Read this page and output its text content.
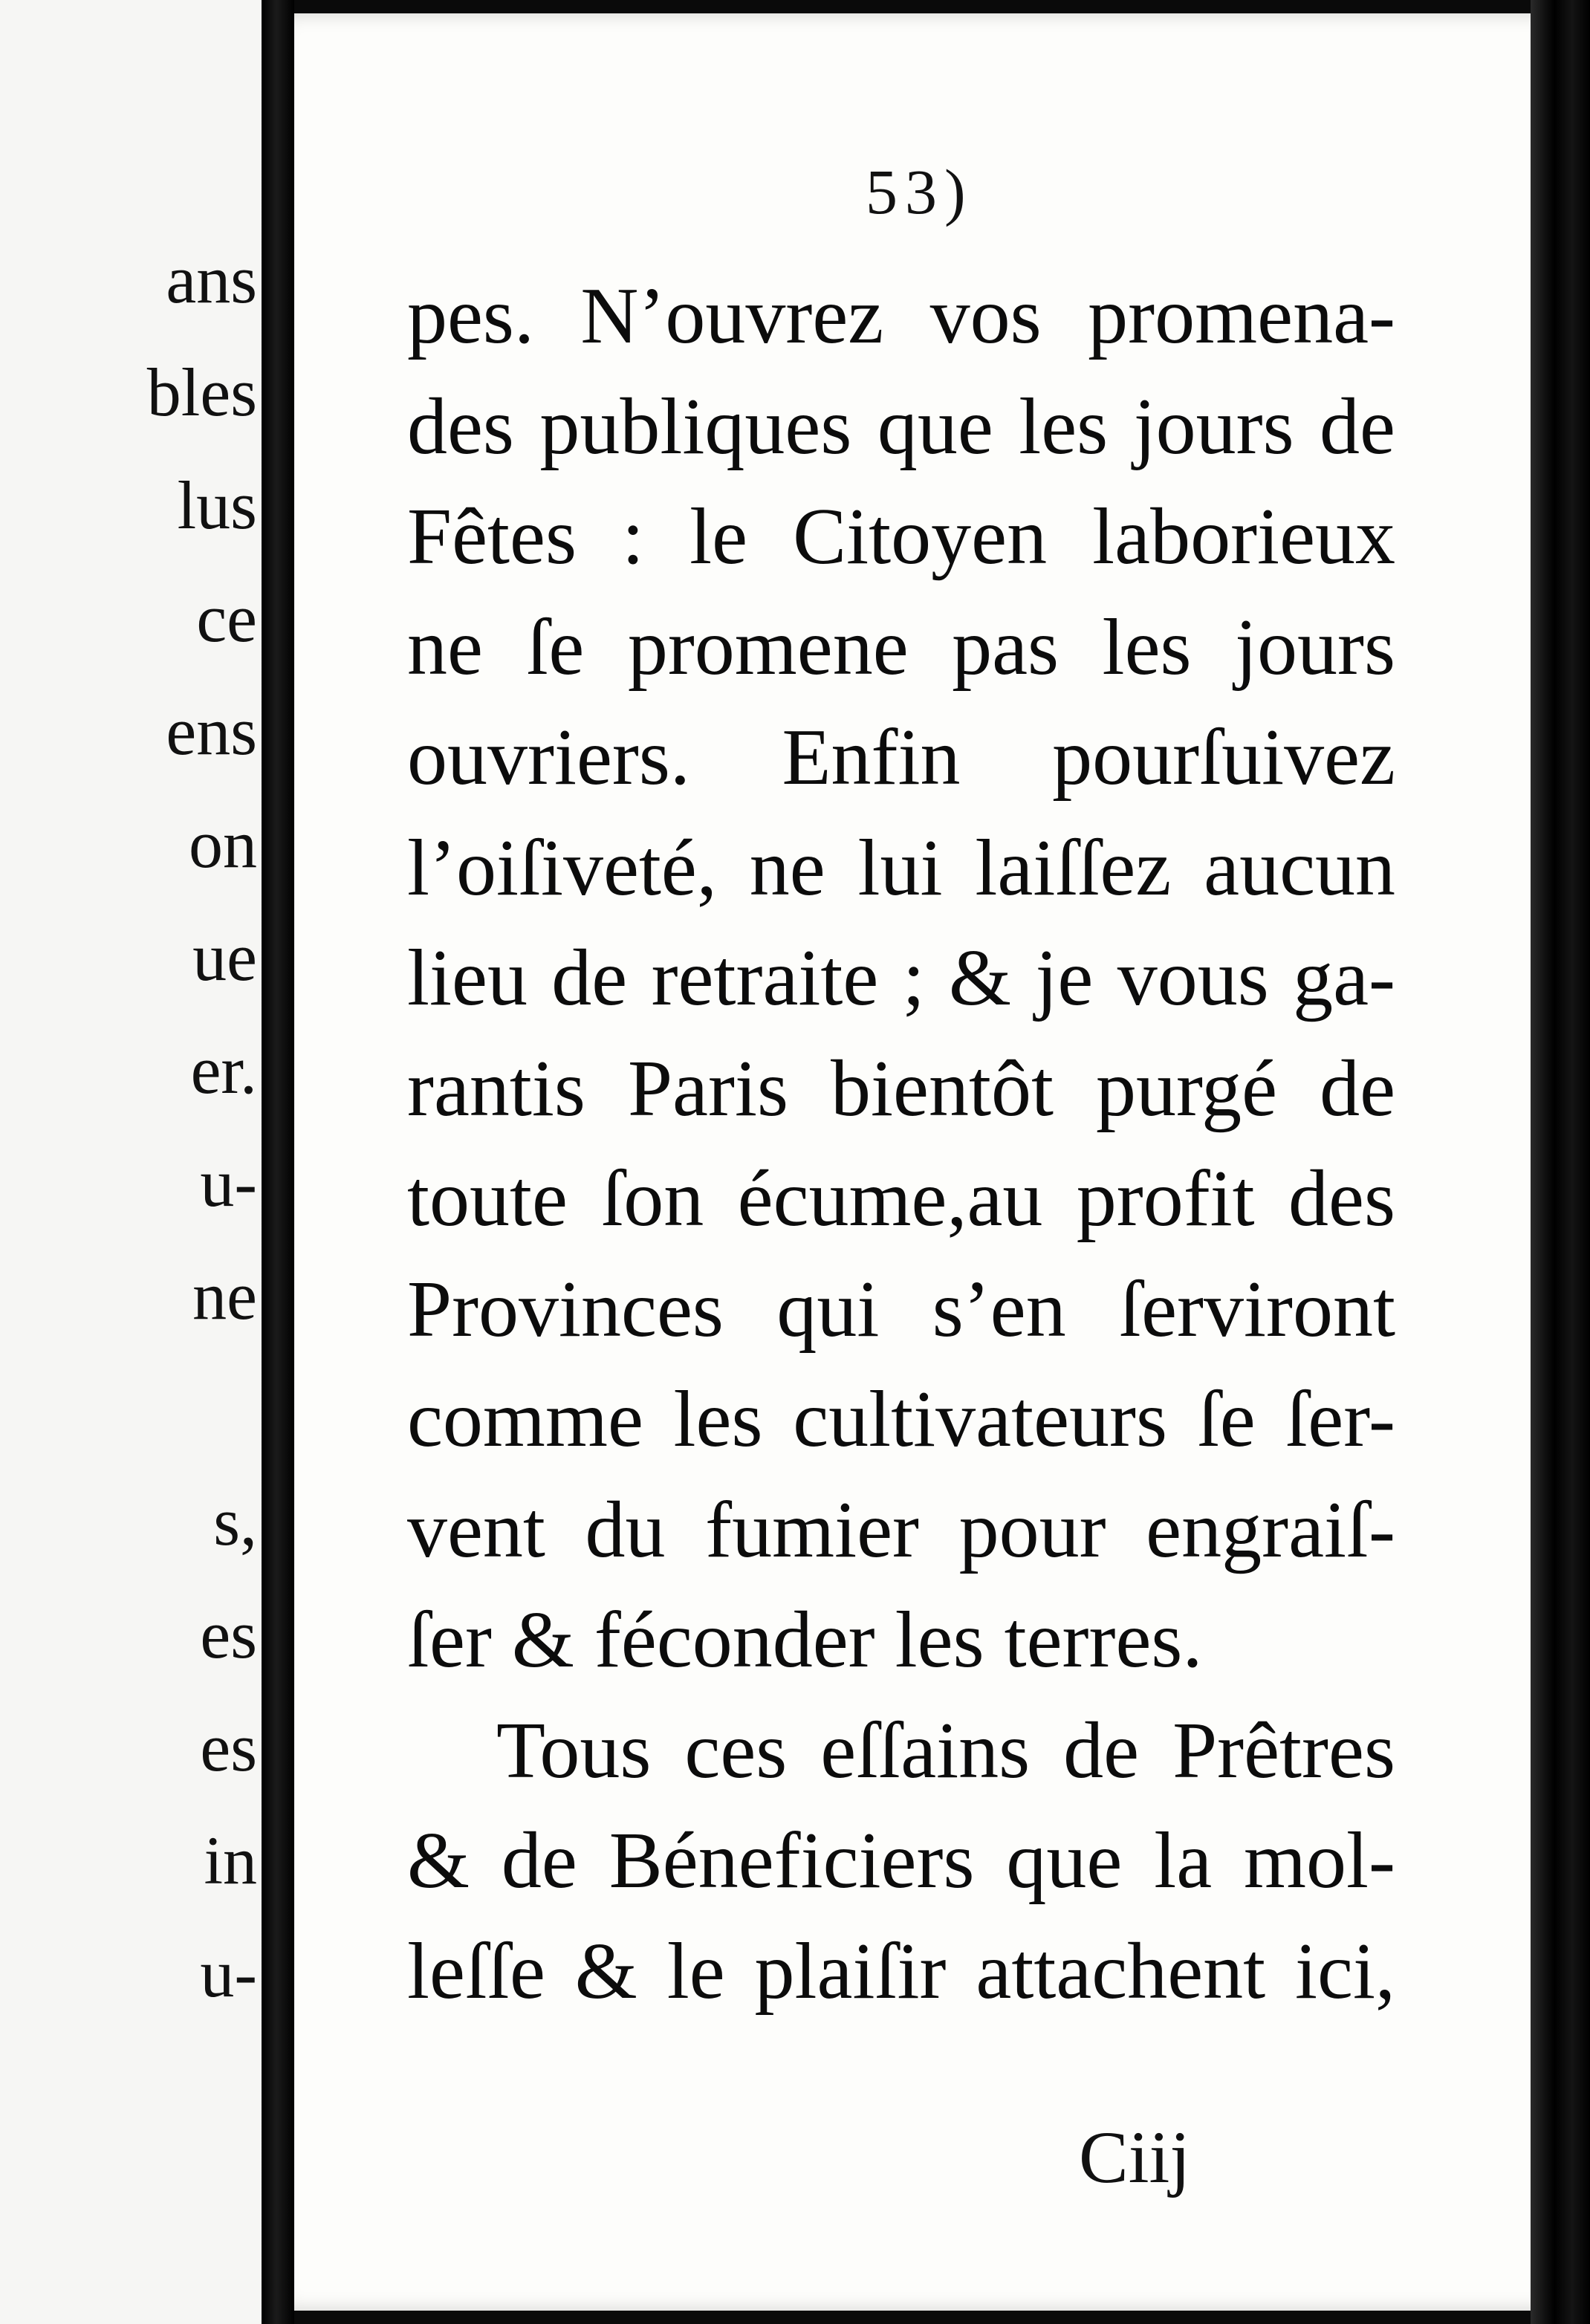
ans
bles
lus
ce
ens
on
ue
er.
u-
ne
s,
es
es
in
u-
53)
pes. N’ouvrez vos promena-
des publiques que les jours de
Fêtes : le Citoyen laborieux
ne ſe promene pas les jours
ouvriers. Enfin pourſuivez
l’oiſiveté, ne lui laiſſez aucun
lieu de retraite ; & je vous ga-
rantis Paris bientôt purgé de
toute ſon écume,au profit des
Provinces qui s’en ſerviront
comme les cultivateurs ſe ſer-
vent du fumier pour engraiſ-
ſer & féconder les terres.
Tous ces eſſains de Prêtres
& de Béneficiers que la mol-
leſſe & le plaiſir attachent ici,
Ciij
